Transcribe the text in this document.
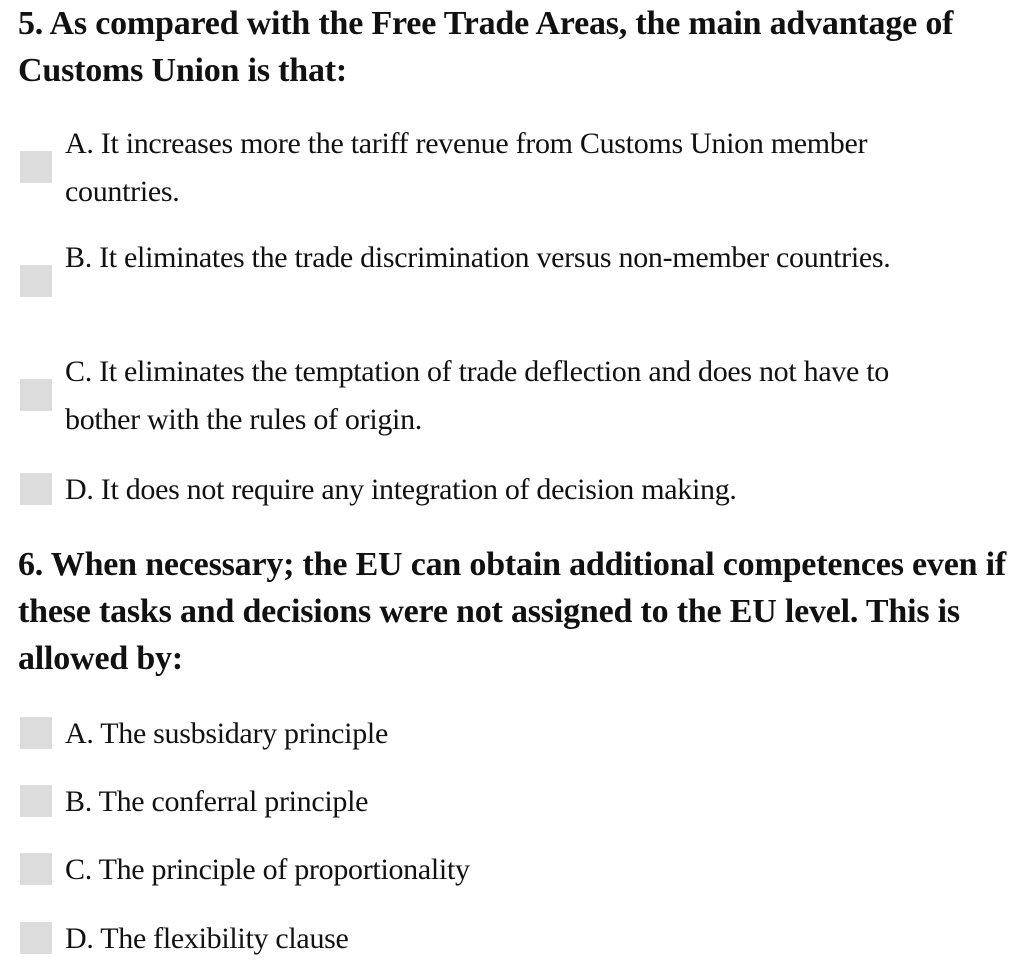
5. As compared with the Free Trade Areas, the main advantage of Customs Union is that:
A. It increases more the tariff revenue from Customs Union member countries.
B. It eliminates the trade discrimination versus non-member countries.
C. It eliminates the temptation of trade deflection and does not have to bother with the rules of origin.
D. It does not require any integration of decision making.
6. When necessary; the EU can obtain additional competences even if these tasks and decisions were not assigned to the EU level. This is allowed by:
A. The susbsidary principle
B. The conferral principle
C. The principle of proportionality
D. The flexibility clause
